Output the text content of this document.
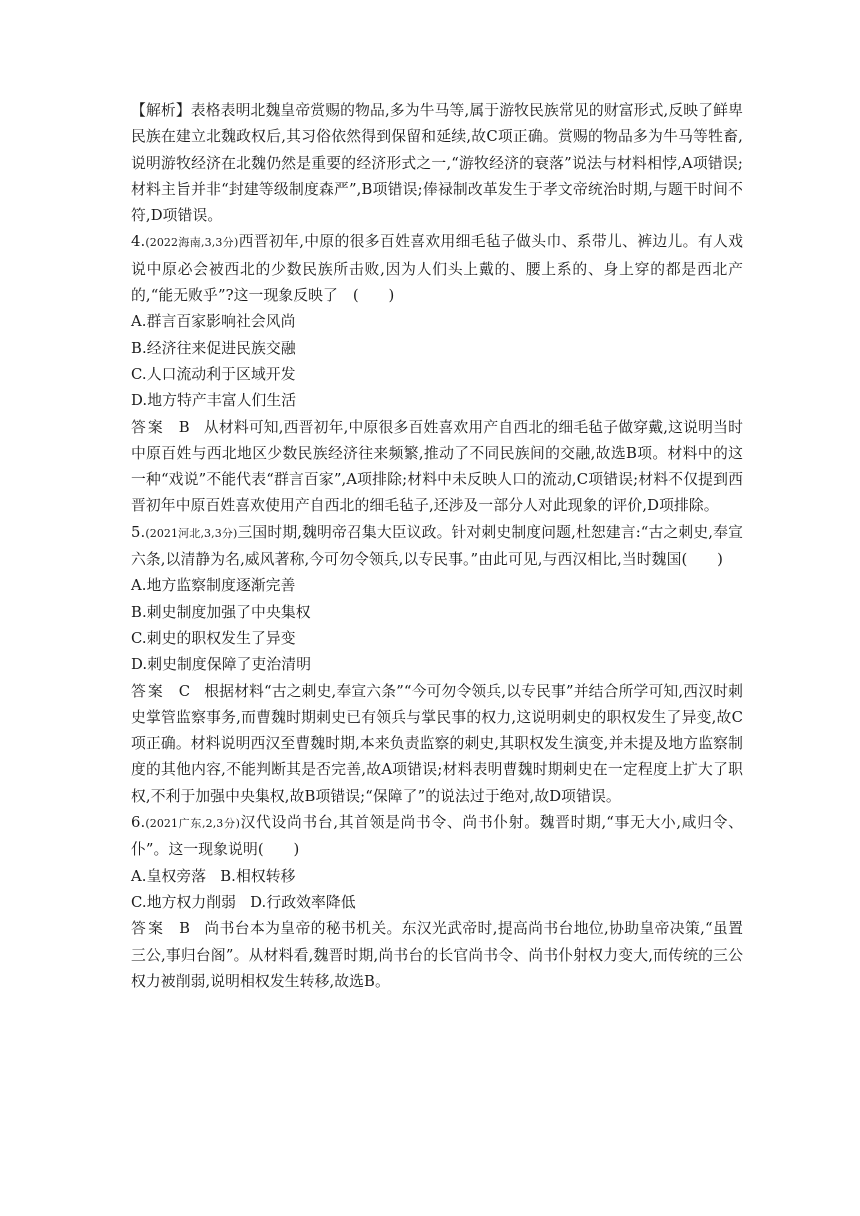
【解析】表格表明北魏皇帝赏赐的物品,多为牛马等,属于游牧民族常见的财富形式,反映了鲜卑民族在建立北魏政权后,其习俗依然得到保留和延续,故C项正确。赏赐的物品多为牛马等牲畜,说明游牧经济在北魏仍然是重要的经济形式之一,“游牧经济的衰落”说法与材料相悖,A项错误;材料主旨并非“封建等级制度森严”,B项错误;俸禄制改革发生于孝文帝统治时期,与题干时间不符,D项错误。

4.(2022海南,3,3分)西晋初年,中原的很多百姓喜欢用细毛毡子做头巾、系带儿、裤边儿。有人戏说中原必会被西北的少数民族所击败,因为人们头上戴的、腰上系的、身上穿的都是西北产的,“能无败乎”?这一现象反映了　(　　)

A.群言百家影响社会风尚

B.经济往来促进民族交融

C.人口流动利于区域开发

D.地方特产丰富人们生活

答案 B 从材料可知,西晋初年,中原很多百姓喜欢用产自西北的细毛毡子做穿戴,这说明当时中原百姓与西北地区少数民族经济往来频繁,推动了不同民族间的交融,故选B项。材料中的这一种“戏说”不能代表“群言百家”,A项排除;材料中未反映人口的流动,C项错误;材料不仅提到西晋初年中原百姓喜欢使用产自西北的细毛毡子,还涉及一部分人对此现象的评价,D项排除。

5.(2021河北,3,3分)三国时期,魏明帝召集大臣议政。针对刺史制度问题,杜恕建言:“古之刺史,奉宣六条,以清静为名,威风著称,今可勿令领兵,以专民事。”由此可见,与西汉相比,当时魏国(　　)

A.地方监察制度逐渐完善

B.刺史制度加强了中央集权

C.刺史的职权发生了异变

D.刺史制度保障了吏治清明

答案 C 根据材料“古之刺史,奉宣六条”“今可勿令领兵,以专民事”并结合所学可知,西汉时刺史掌管监察事务,而曹魏时期刺史已有领兵与掌民事的权力,这说明刺史的职权发生了异变,故C项正确。材料说明西汉至曹魏时期,本来负责监察的刺史,其职权发生演变,并未提及地方监察制度的其他内容,不能判断其是否完善,故A项错误;材料表明曹魏时期刺史在一定程度上扩大了职权,不利于加强中央集权,故B项错误;“保障了”的说法过于绝对,故D项错误。

6.(2021广东,2,3分)汉代设尚书台,其首领是尚书令、尚书仆射。魏晋时期,“事无大小,咸归令、仆”。这一现象说明(　　)

A.皇权旁落 B.相权转移

C.地方权力削弱 D.行政效率降低

答案 B 尚书台本为皇帝的秘书机关。东汉光武帝时,提高尚书台地位,协助皇帝决策,“虽置三公,事归台阁”。从材料看,魏晋时期,尚书台的长官尚书令、尚书仆射权力变大,而传统的三公权力被削弱,说明相权发生转移,故选B。
